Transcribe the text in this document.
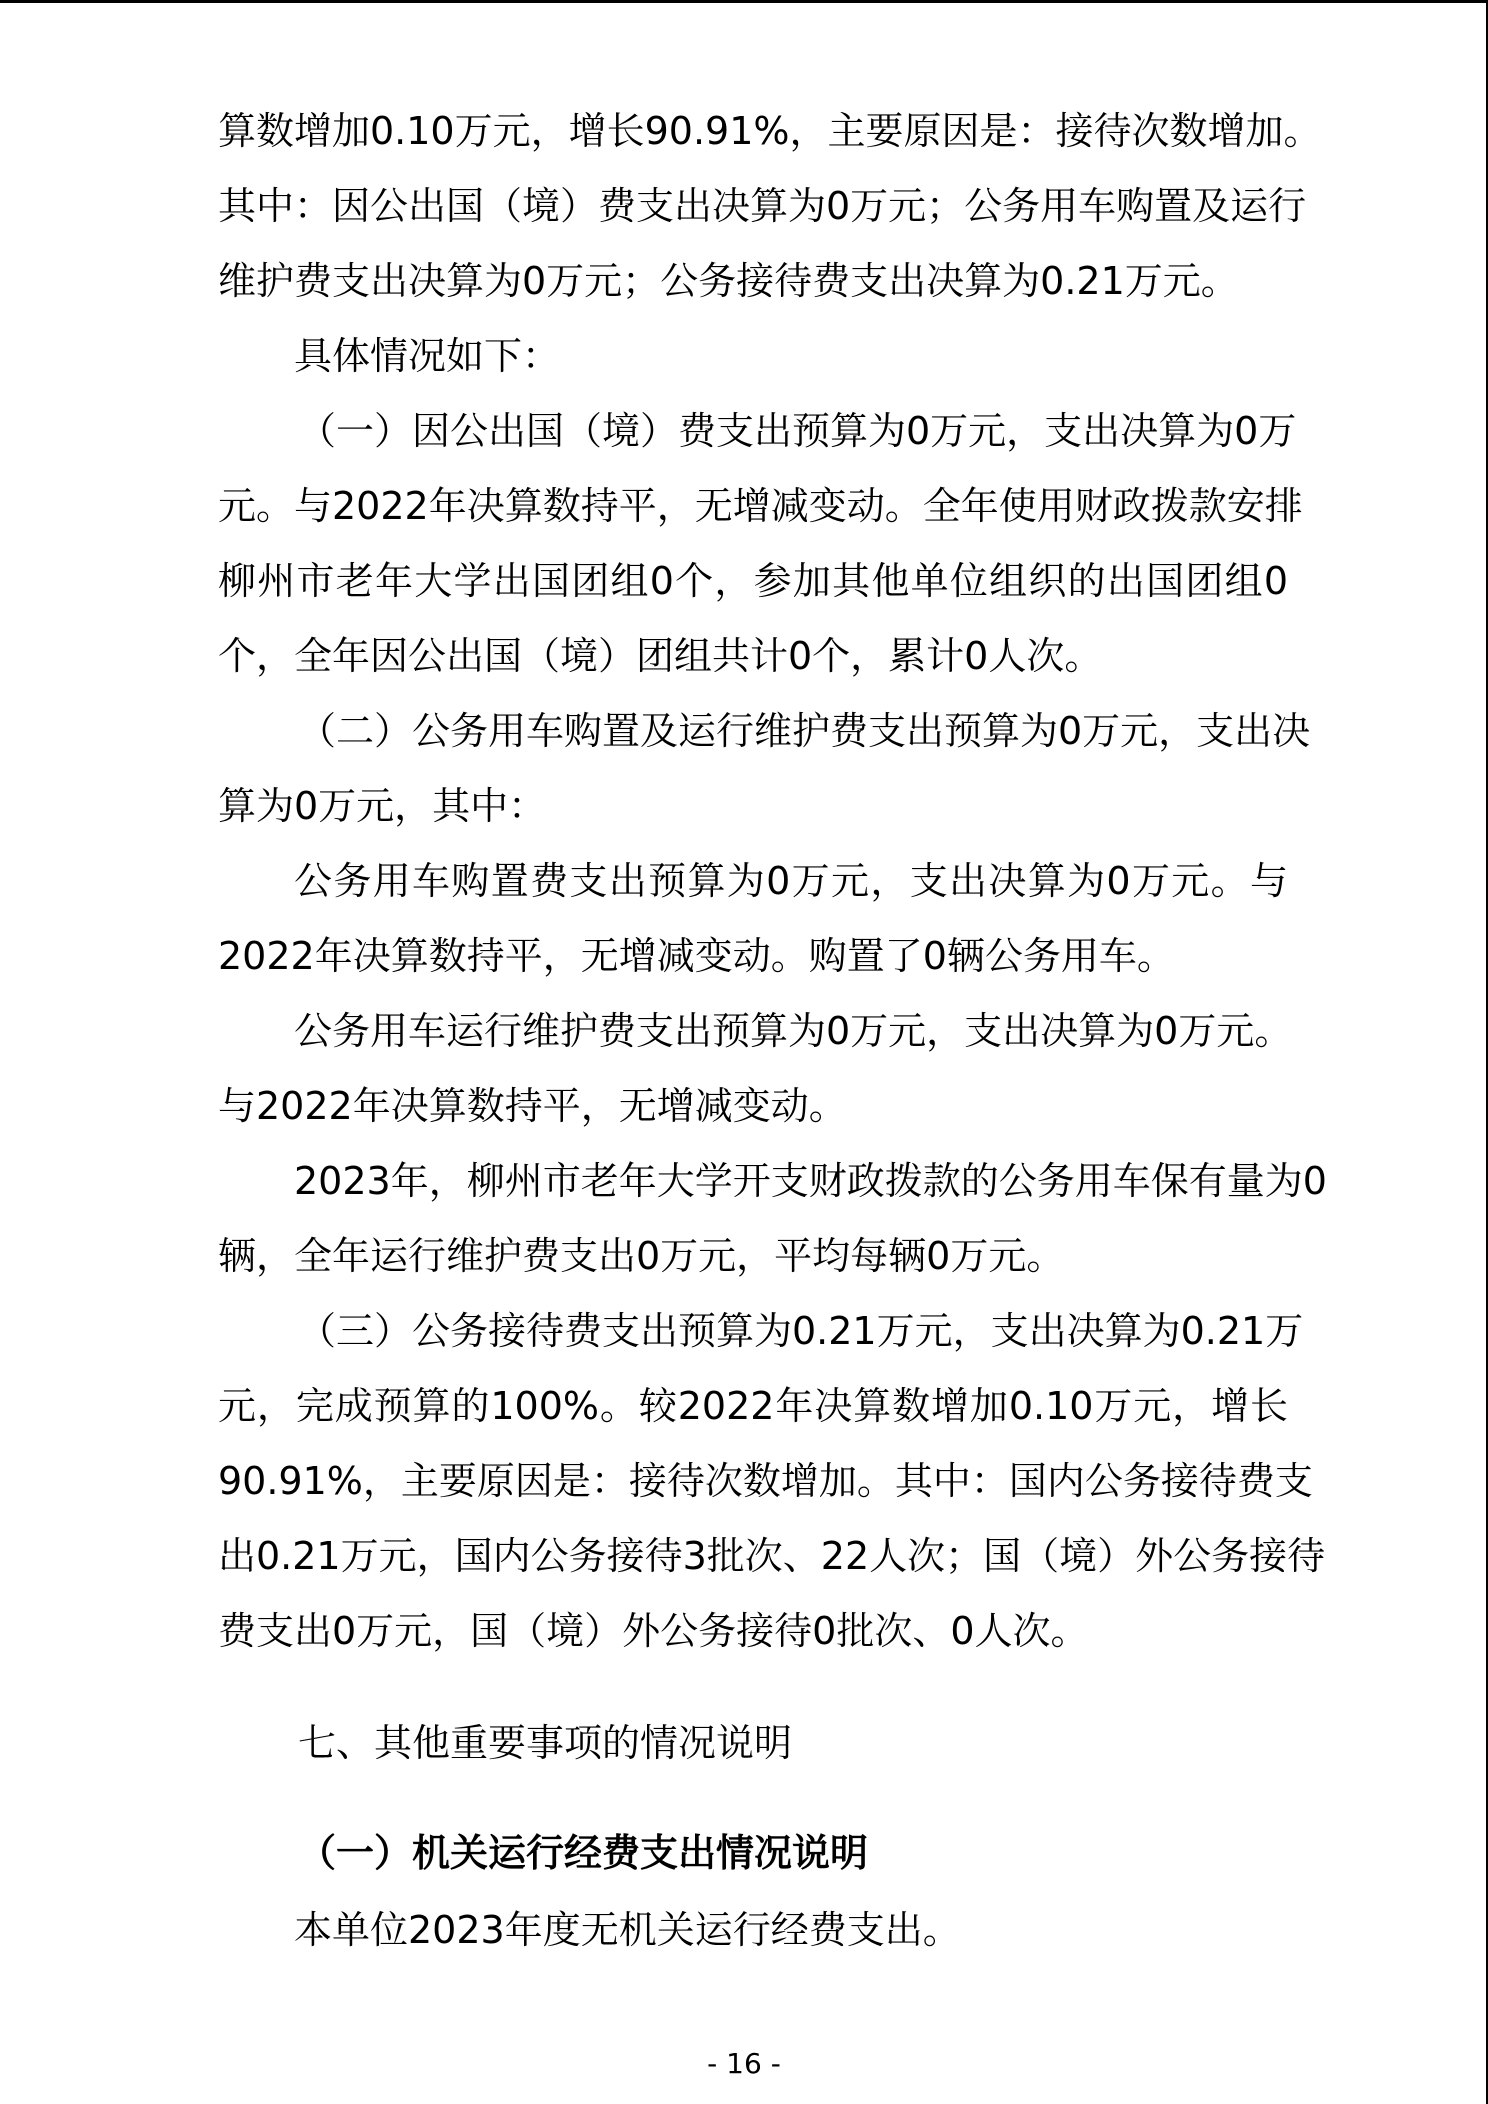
算数增加0.10万元，增长90.91%，主要原因是：接待次数增加。
其中：因公出国（境）费支出决算为0万元；公务用车购置及运行
维护费支出决算为0万元；公务接待费支出决算为0.21万元。
具体情况如下：
（一）因公出国（境）费支出预算为0万元，支出决算为0万
元。与2022年决算数持平，无增减变动。全年使用财政拨款安排
柳州市老年大学出国团组0个，参加其他单位组织的出国团组0
个，全年因公出国（境）团组共计0个，累计0人次。
（二）公务用车购置及运行维护费支出预算为0万元，支出决
算为0万元，其中：
公务用车购置费支出预算为0万元，支出决算为0万元。与
2022年决算数持平，无增减变动。购置了0辆公务用车。
公务用车运行维护费支出预算为0万元，支出决算为0万元。
与2022年决算数持平，无增减变动。
2023年，柳州市老年大学开支财政拨款的公务用车保有量为0
辆，全年运行维护费支出0万元，平均每辆0万元。
（三）公务接待费支出预算为0.21万元，支出决算为0.21万
元，完成预算的100%。较2022年决算数增加0.10万元，增长
90.91%，主要原因是：接待次数增加。其中：国内公务接待费支
出0.21万元，国内公务接待3批次、22人次；国（境）外公务接待
费支出0万元，国（境）外公务接待0批次、0人次。
七、其他重要事项的情况说明
（一）机关运行经费支出情况说明
本单位2023年度无机关运行经费支出。
- 16 -
